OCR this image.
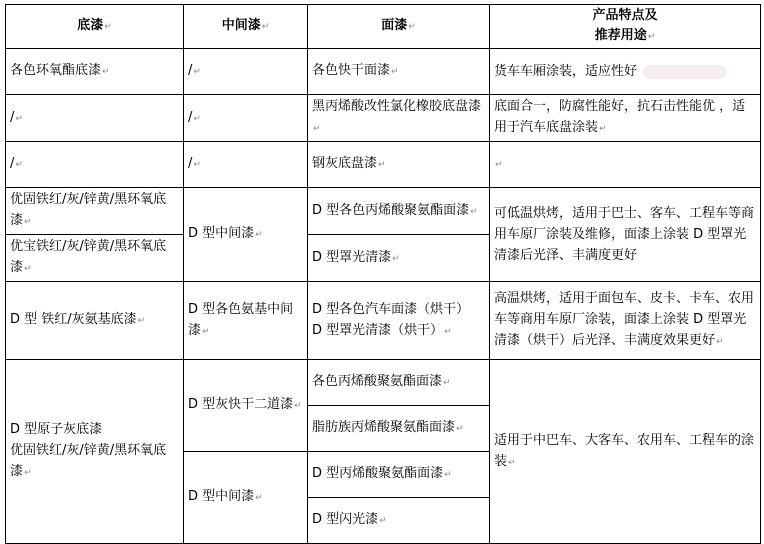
底漆↵	中间漆↵	面漆↵	产品特点及
推荐用途↵

各色环氧酯底漆↵	/↵	各色快干面漆↵	货车车厢涂装，适应性好
/↵	/↵	黑丙烯酸改性氯化橡胶底盘漆↵	底面合一，防腐性能好，抗石击性能优 ，适用于汽车底盘涂装↵
/↵	/↵	钢灰底盘漆↵	↵
优固铁红/灰/锌黄/黑环氧底漆↵	D 型中间漆↵	D 型各色丙烯酸聚氨酯面漆↵	可低温烘烤，适用于巴士、客车、工程车等商用车原厂涂装及维修，面漆上涂装 D 型罩光清漆后光泽、丰满度更好
优宝铁红/灰/锌黄/黑环氧底漆↵		D 型罩光清漆↵	
D 型 铁红/灰氨基底漆↵	D 型各色氨基中间漆↵	D 型各色汽车面漆（烘干）
D 型罩光清漆（烘干）↵	高温烘烤，适用于面包车、皮卡、卡车、农用车等商用车原厂涂装，面漆上涂装 D 型罩光清漆（烘干）后光泽、丰满度效果更好↵

D 型原子灰底漆
优固铁红/灰/锌黄/黑环氧底漆↵	D 型灰快干二道漆↵	各色丙烯酸聚氨酯面漆↵	适用于中巴车、大客车、农用车、工程车的涂装↵
		脂肪族丙烯酸聚氨酯面漆↵	
	D 型中间漆↵	D 型丙烯酸聚氨酯面漆↵	
		D 型闪光漆↵	
